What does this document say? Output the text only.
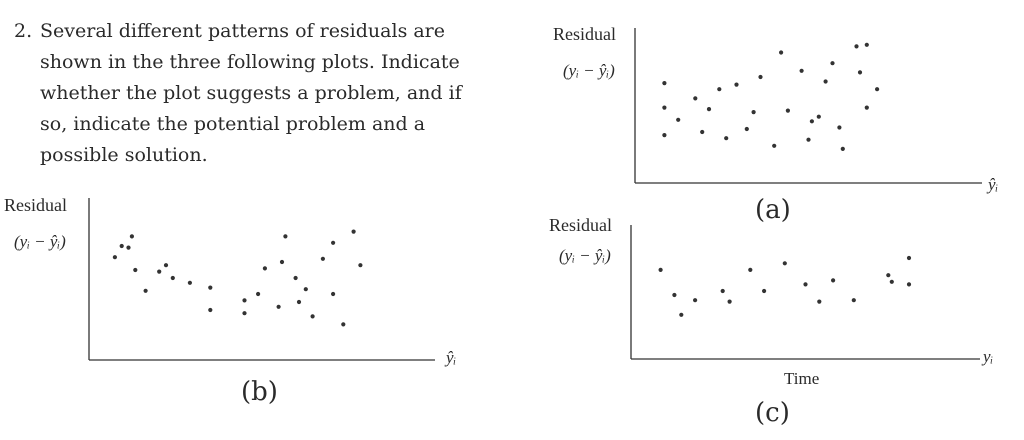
2. Several different patterns of residuals are shown in the three following plots. Indicate whether the plot suggests a problem, and if so, indicate the potential problem and a possible solution.
Residual
(yᵢ − ŷᵢ)
ŷᵢ
(a)
Residual
(yᵢ − ŷᵢ)
ŷᵢ
(b)
Residual
(yᵢ − ŷᵢ)
yᵢ
Time
(c)
